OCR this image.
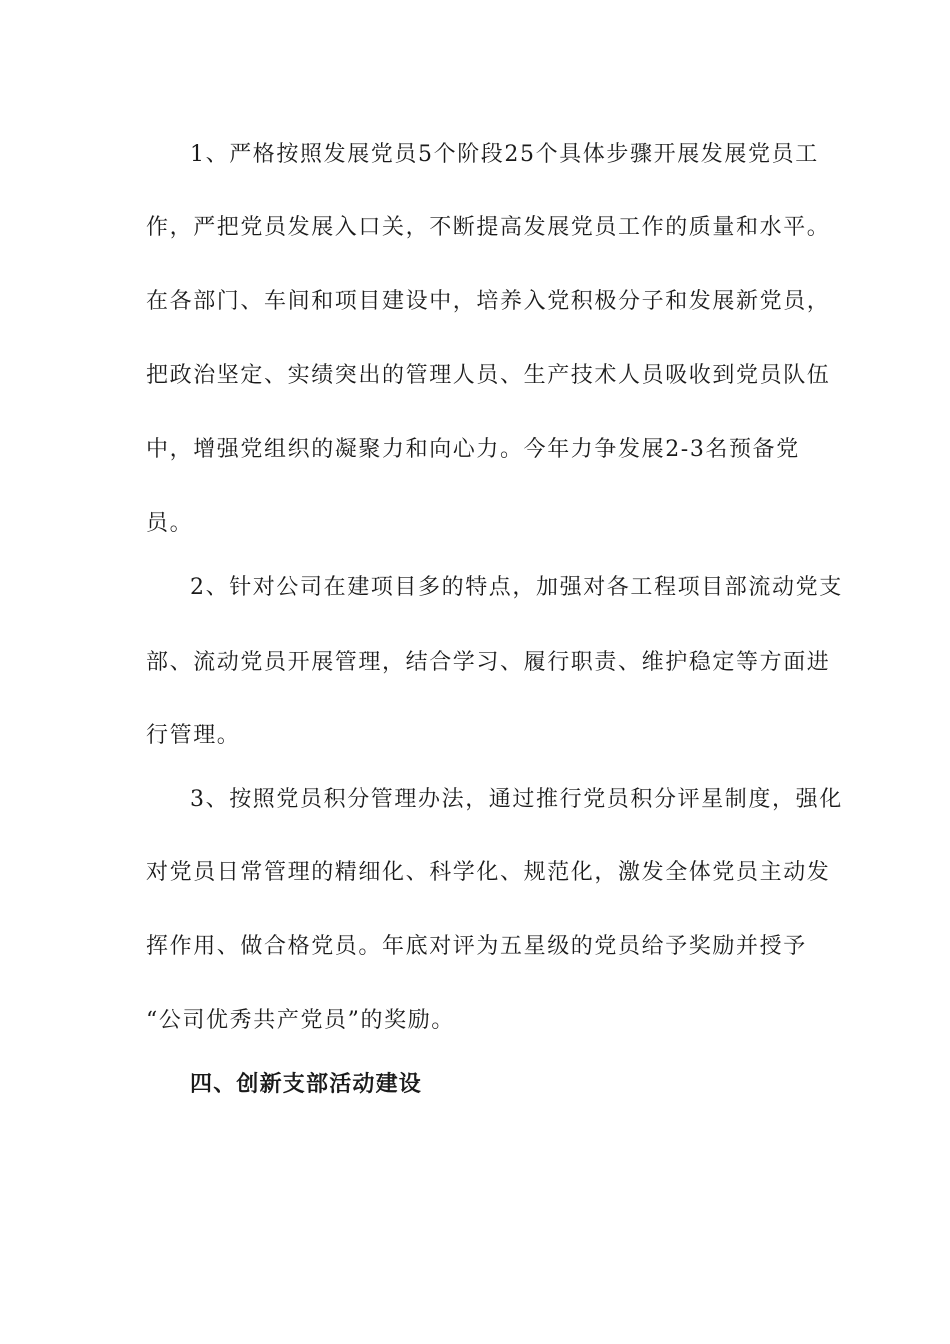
1、严格按照发展党员5个阶段25个具体步骤开展发展党员工
作，严把党员发展入口关，不断提高发展党员工作的质量和水平。
在各部门、车间和项目建设中，培养入党积极分子和发展新党员，
把政治坚定、实绩突出的管理人员、生产技术人员吸收到党员队伍
中，增强党组织的凝聚力和向心力。今年力争发展2-3名预备党
员。
2、针对公司在建项目多的特点，加强对各工程项目部流动党支
部、流动党员开展管理，结合学习、履行职责、维护稳定等方面进
行管理。
3、按照党员积分管理办法，通过推行党员积分评星制度，强化
对党员日常管理的精细化、科学化、规范化，激发全体党员主动发
挥作用、做合格党员。年底对评为五星级的党员给予奖励并授予
“公司优秀共产党员”的奖励。
四、创新支部活动建设
